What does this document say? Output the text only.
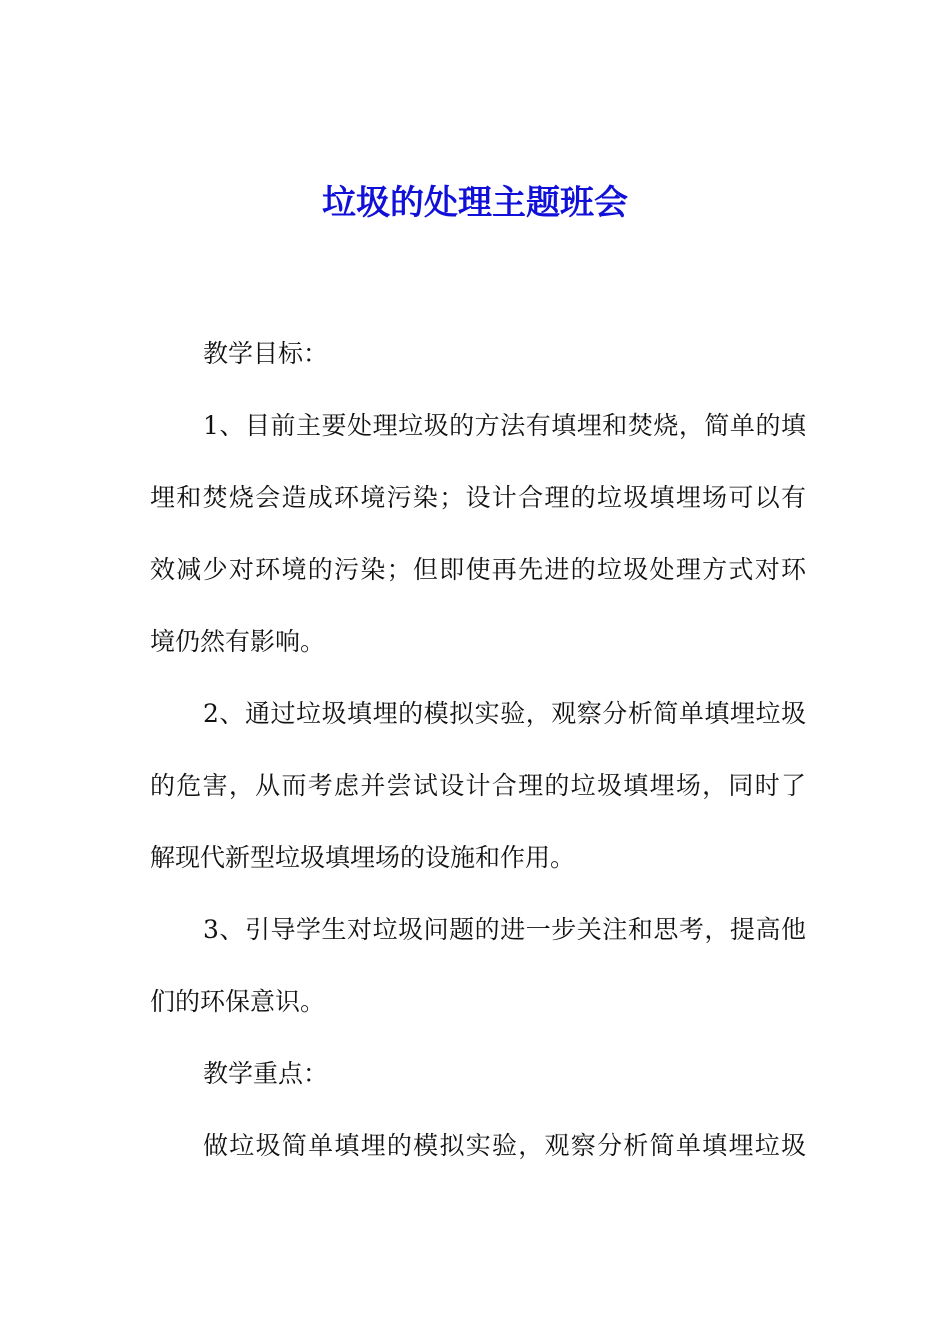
垃圾的处理主题班会
教学目标：
1、目前主要处理垃圾的方法有填埋和焚烧，简单的填
埋和焚烧会造成环境污染；设计合理的垃圾填埋场可以有
效减少对环境的污染；但即使再先进的垃圾处理方式对环
境仍然有影响。
2、通过垃圾填埋的模拟实验，观察分析简单填埋垃圾
的危害，从而考虑并尝试设计合理的垃圾填埋场，同时了
解现代新型垃圾填埋场的设施和作用。
3、引导学生对垃圾问题的进一步关注和思考，提高他
们的环保意识。
教学重点：
做垃圾简单填埋的模拟实验，观察分析简单填埋垃圾
